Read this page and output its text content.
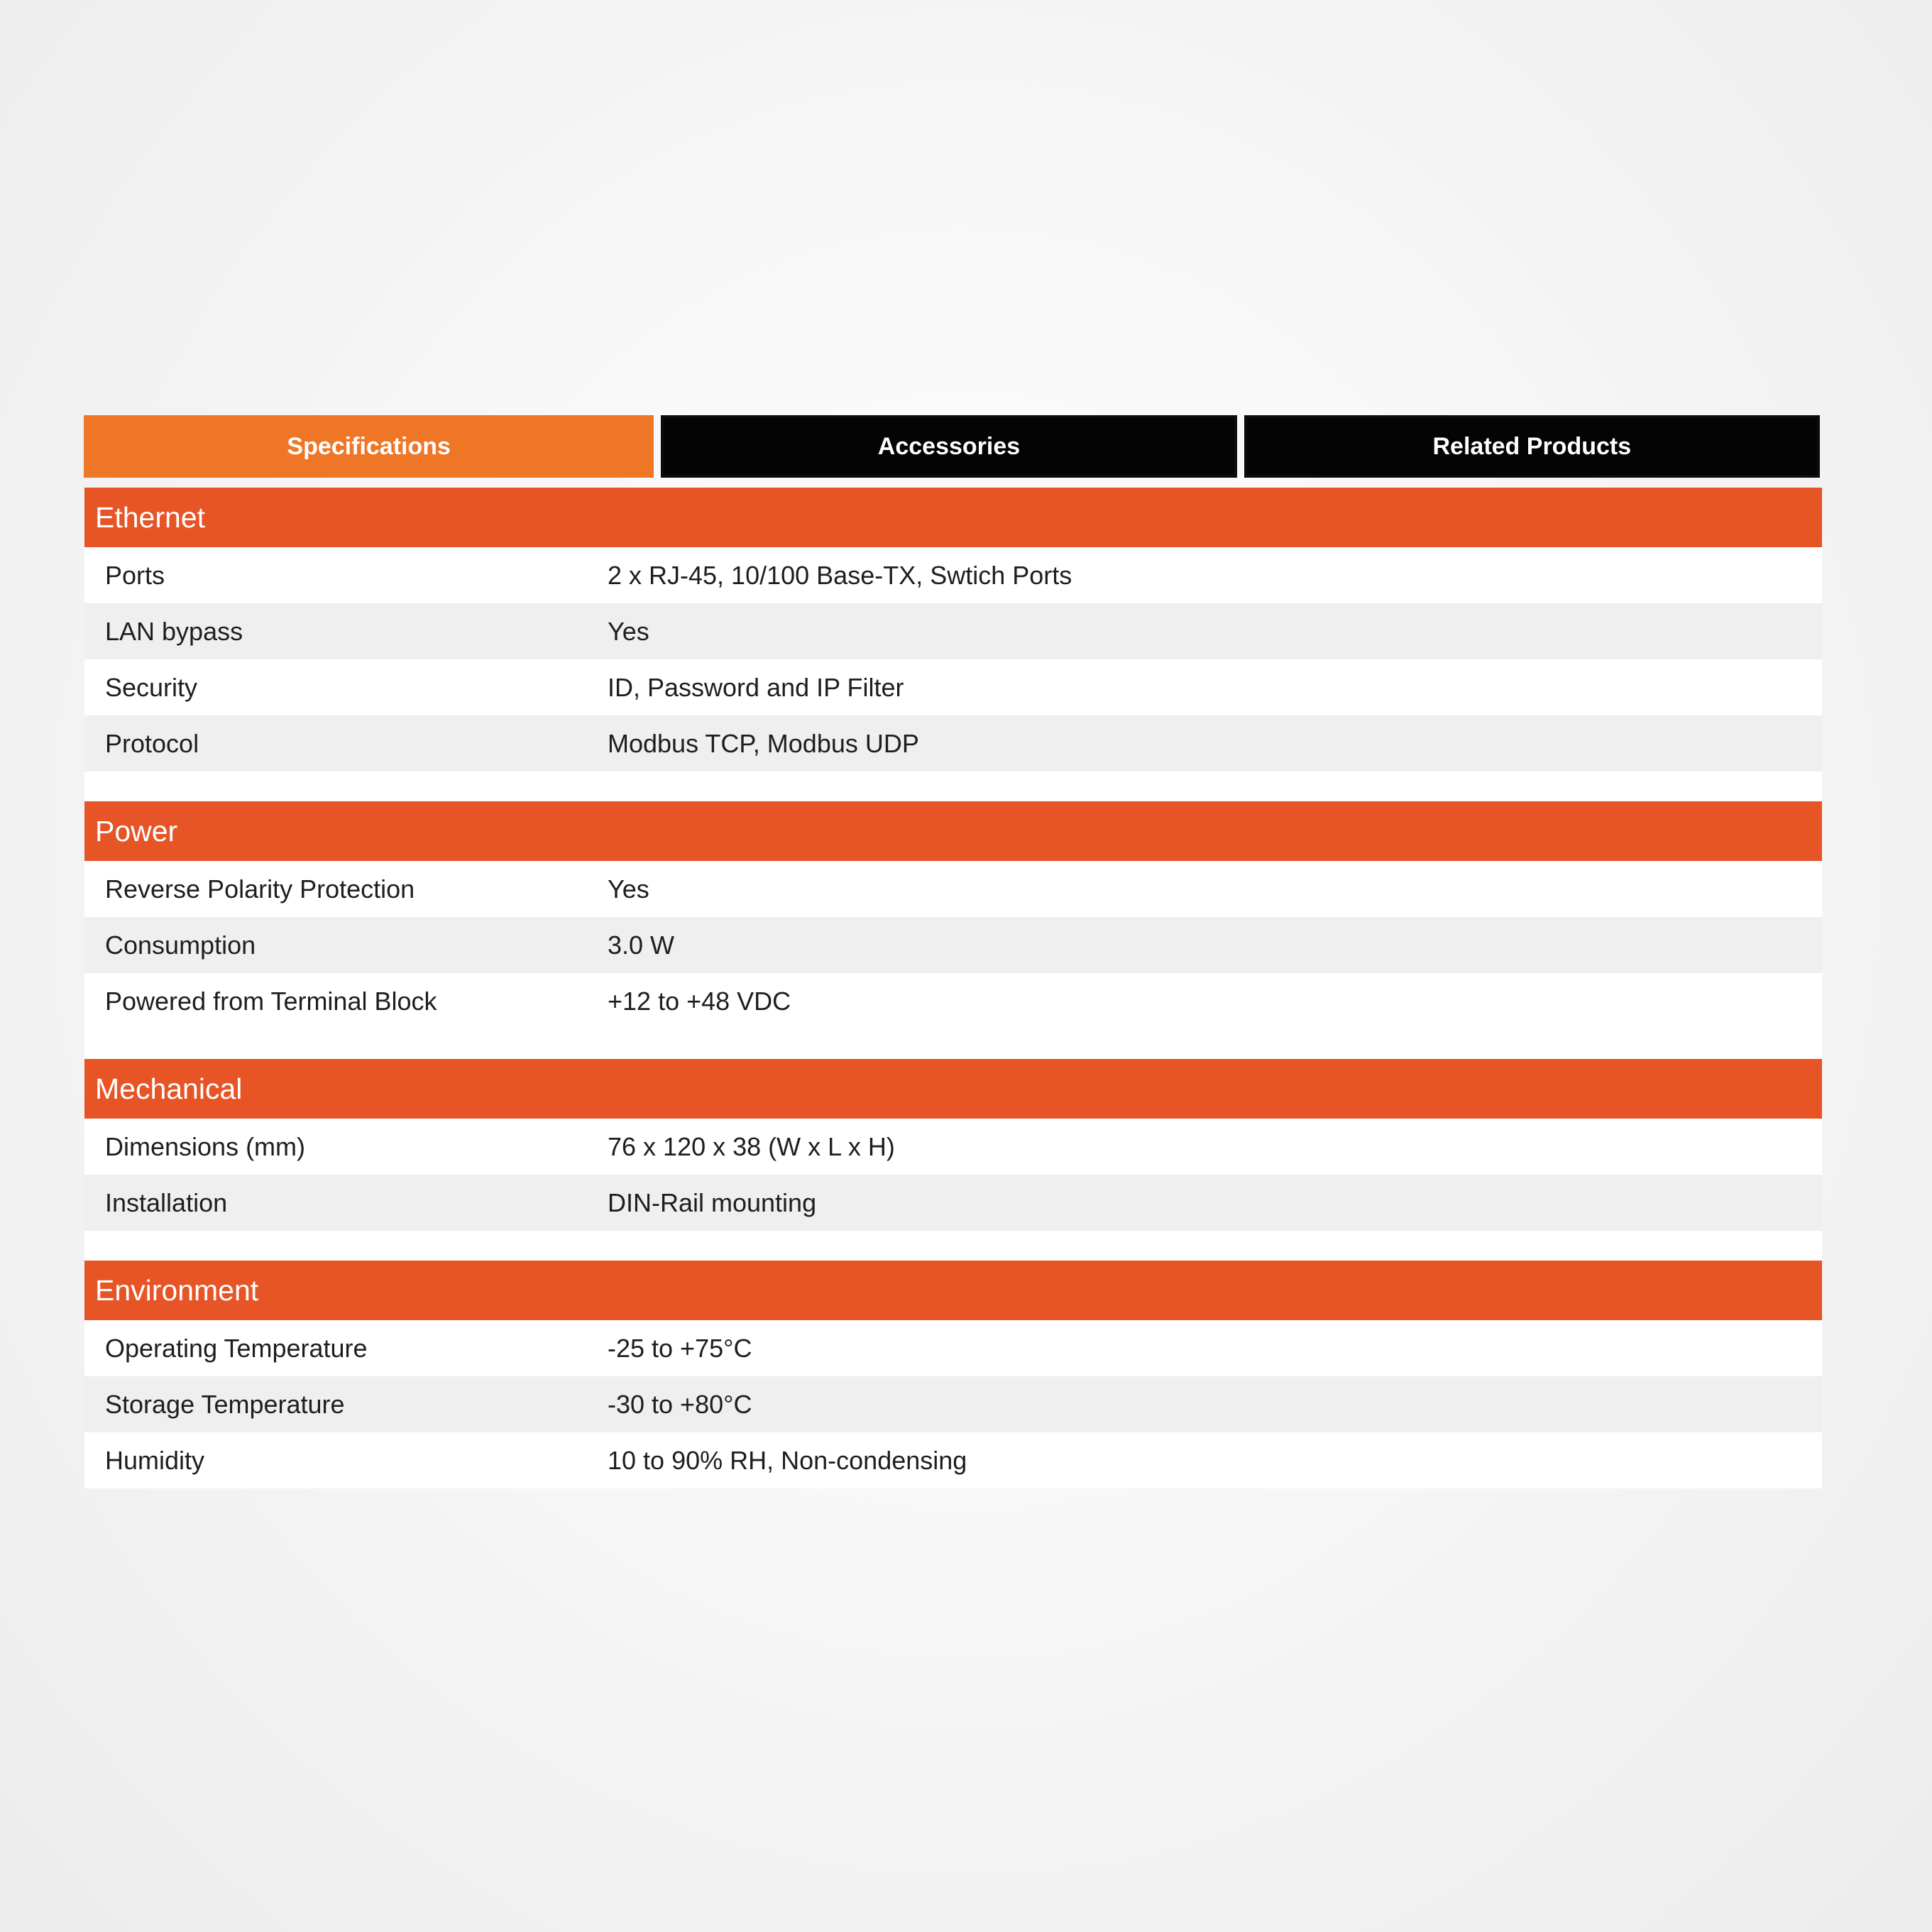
Specifications	Accessories	Related Products
Ethernet
Ports	2 x RJ-45, 10/100 Base-TX, Swtich Ports
LAN bypass	Yes
Security	ID, Password and IP Filter
Protocol	Modbus TCP, Modbus UDP
Power
Reverse Polarity Protection	Yes
Consumption	3.0 W
Powered from Terminal Block	+12 to +48 VDC
Mechanical
Dimensions (mm)	76 x 120 x 38 (W x L x H)
Installation	DIN-Rail mounting
Environment
Operating Temperature	-25 to +75°C
Storage Temperature	-30 to +80°C
Humidity	10 to 90% RH, Non-condensing
